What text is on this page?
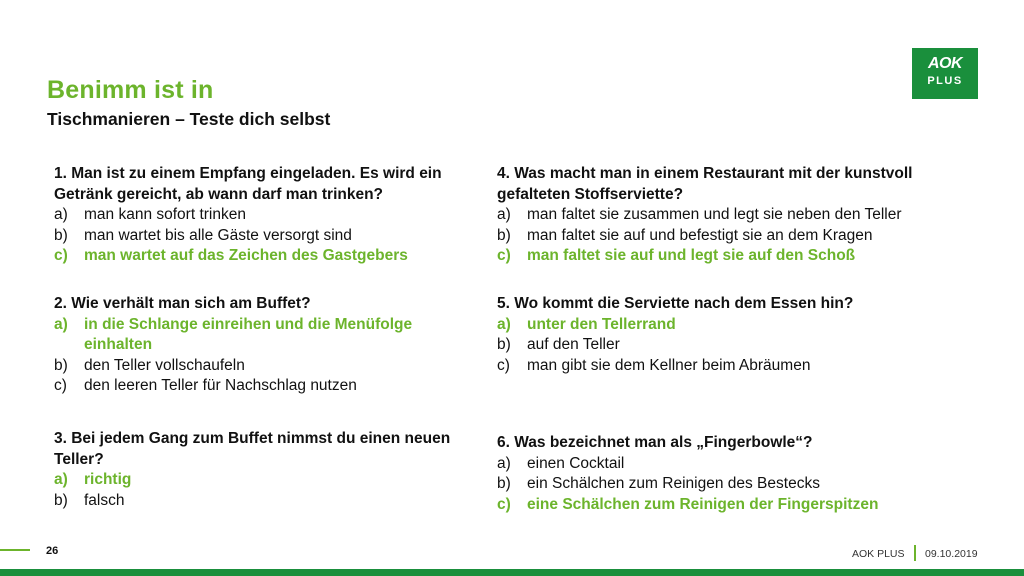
Benimm ist in
Tischmanieren – Teste dich selbst
AOK
PLUS
1. Man ist zu einem Empfang eingeladen. Es wird ein Getränk gereicht, ab wann darf man trinken?
a) man kann sofort trinken
b) man wartet bis alle Gäste versorgt sind
c) man wartet auf das Zeichen des Gastgebers
2. Wie verhält man sich am Buffet?
a) in die Schlange einreihen und die Menüfolge einhalten
b) den Teller vollschaufeln
c) den leeren Teller für Nachschlag nutzen
3. Bei jedem Gang zum Buffet nimmst du einen neuen Teller?
a) richtig
b) falsch
4. Was macht man in einem Restaurant mit der kunstvoll gefalteten Stoffserviette?
a) man faltet sie zusammen und legt sie neben den Teller
b) man faltet sie auf und befestigt sie an dem Kragen
c) man faltet sie auf und legt sie auf den Schoß
5. Wo kommt die Serviette nach dem Essen hin?
a) unter den Tellerrand
b) auf den Teller
c) man gibt sie dem Kellner beim Abräumen
6. Was bezeichnet man als „Fingerbowle“?
a) einen Cocktail
b) ein Schälchen zum Reinigen des Bestecks
c) eine Schälchen zum Reinigen der Fingerspitzen
26	AOK PLUS 09.10.2019
